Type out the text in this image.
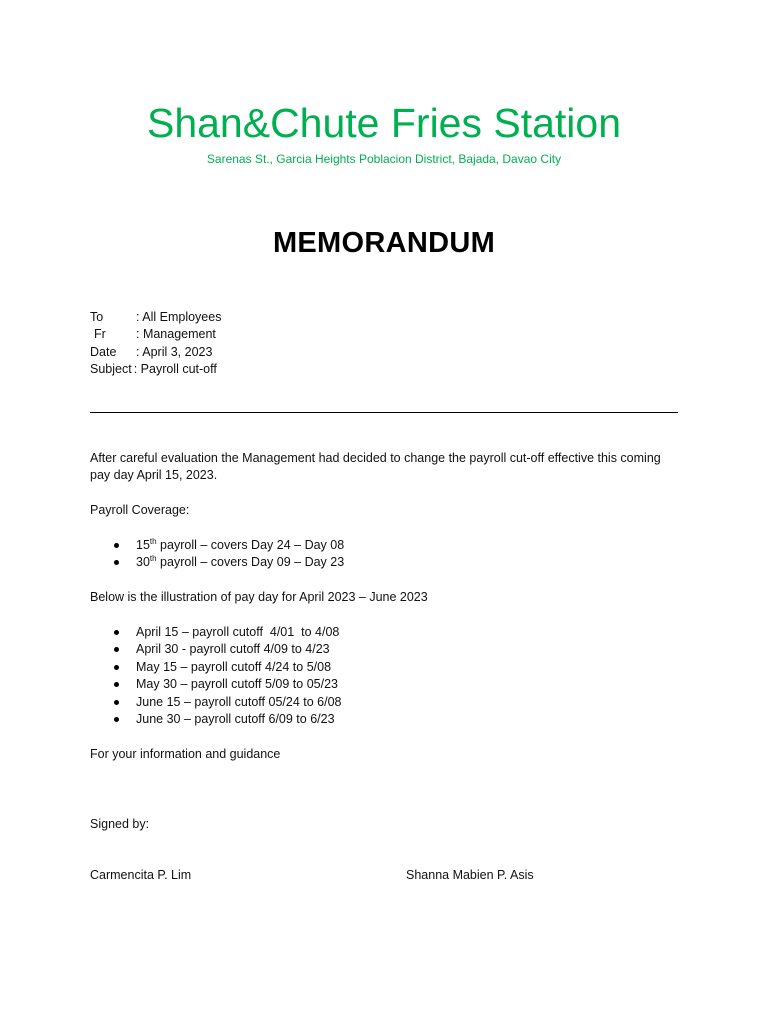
Shan&Chute Fries Station
Sarenas St., Garcia Heights Poblacion District, Bajada, Davao City
MEMORANDUM
To	: All Employees
Fr	: Management
Date	: April 3, 2023
Subject : Payroll cut-off
After careful evaluation the Management had decided to change the payroll cut-off effective this coming pay day April 15, 2023.
Payroll Coverage:
15th payroll – covers Day 24 – Day 08
30th payroll – covers Day 09 – Day 23
Below is the illustration of pay day for April 2023 – June 2023
April 15 – payroll cutoff  4/01  to 4/08
April 30 - payroll cutoff 4/09 to 4/23
May 15 – payroll cutoff 4/24 to 5/08
May 30 – payroll cutoff 5/09 to 05/23
June 15 – payroll cutoff 05/24 to 6/08
June 30 – payroll cutoff 6/09 to 6/23
For your information and guidance
Signed by:
Carmencita P. Lim	Shanna Mabien P. Asis
